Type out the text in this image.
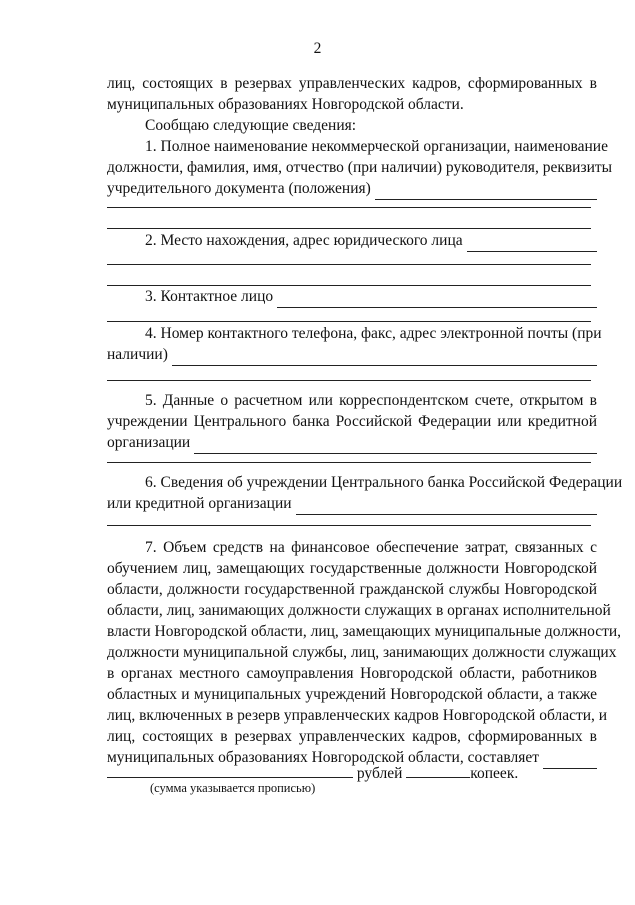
2
лиц, состоящих в резервах управленческих кадров, сформированных в
муниципальных образованиях Новгородской области.
Сообщаю следующие сведения:
1. Полное наименование некоммерческой организации, наименование
должности, фамилия, имя, отчество (при наличии) руководителя, реквизиты
учредительного документа (положения)
2. Место нахождения, адрес юридического лица
3. Контактное лицо
4. Номер контактного телефона, факс, адрес электронной почты (при
наличии)
5. Данные о расчетном или корреспондентском счете, открытом в
учреждении Центрального банка Российской Федерации или кредитной
организации
6. Сведения об учреждении Центрального банка Российской Федерации
или кредитной организации
7. Объем средств на финансовое обеспечение затрат, связанных с
обучением лиц, замещающих государственные должности Новгородской
области, должности государственной гражданской службы Новгородской
области, лиц, занимающих должности служащих в органах исполнительной
власти Новгородской области, лиц, замещающих муниципальные должности,
должности муниципальной службы, лиц, занимающих должности служащих
в органах местного самоуправления Новгородской области, работников
областных и муниципальных учреждений Новгородской области, а также
лиц, включенных в резерв управленческих кадров Новгородской области, и
лиц, состоящих в резервах управленческих кадров, сформированных в
муниципальных образованиях Новгородской области, составляет
рублей	копеек.
(сумма указывается прописью)
